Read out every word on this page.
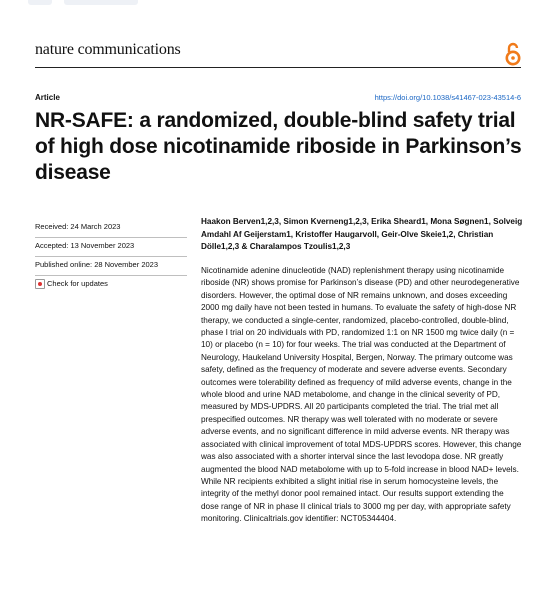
nature communications
Article	https://doi.org/10.1038/s41467-023-43514-6
NR-SAFE: a randomized, double-blind safety trial of high dose nicotinamide riboside in Parkinson’s disease
Received: 24 March 2023
Accepted: 13 November 2023
Published online: 28 November 2023
Check for updates
Haakon Berven1,2,3, Simon Kverneng1,2,3, Erika Sheard1, Mona Søgnen1, Solveig Amdahl Af Geijerstam1, Kristoffer Haugarvoll, Geir-Olve Skeie1,2, Christian Dölle1,2,3 & Charalampos Tzoulis1,2,3
Nicotinamide adenine dinucleotide (NAD) replenishment therapy using nicotinamide riboside (NR) shows promise for Parkinson’s disease (PD) and other neurodegenerative disorders. However, the optimal dose of NR remains unknown, and doses exceeding 2000 mg daily have not been tested in humans. To evaluate the safety of high-dose NR therapy, we conducted a single-center, randomized, placebo-controlled, double-blind, phase I trial on 20 individuals with PD, randomized 1:1 on NR 1500 mg twice daily (n = 10) or placebo (n = 10) for four weeks. The trial was conducted at the Department of Neurology, Haukeland University Hospital, Bergen, Norway. The primary outcome was safety, defined as the frequency of moderate and severe adverse events. Secondary outcomes were tolerability defined as frequency of mild adverse events, change in the whole blood and urine NAD metabolome, and change in the clinical severity of PD, measured by MDS-UPDRS. All 20 participants completed the trial. The trial met all prespecified outcomes. NR therapy was well tolerated with no moderate or severe adverse events, and no significant difference in mild adverse events. NR therapy was associated with clinical improvement of total MDS-UPDRS scores. However, this change was also associated with a shorter interval since the last levodopa dose. NR greatly augmented the blood NAD metabolome with up to 5-fold increase in blood NAD+ levels. While NR recipients exhibited a slight initial rise in serum homocysteine levels, the integrity of the methyl donor pool remained intact. Our results support extending the dose range of NR in phase II clinical trials to 3000 mg per day, with appropriate safety monitoring. Clinicaltrials.gov identifier: NCT05344404.
